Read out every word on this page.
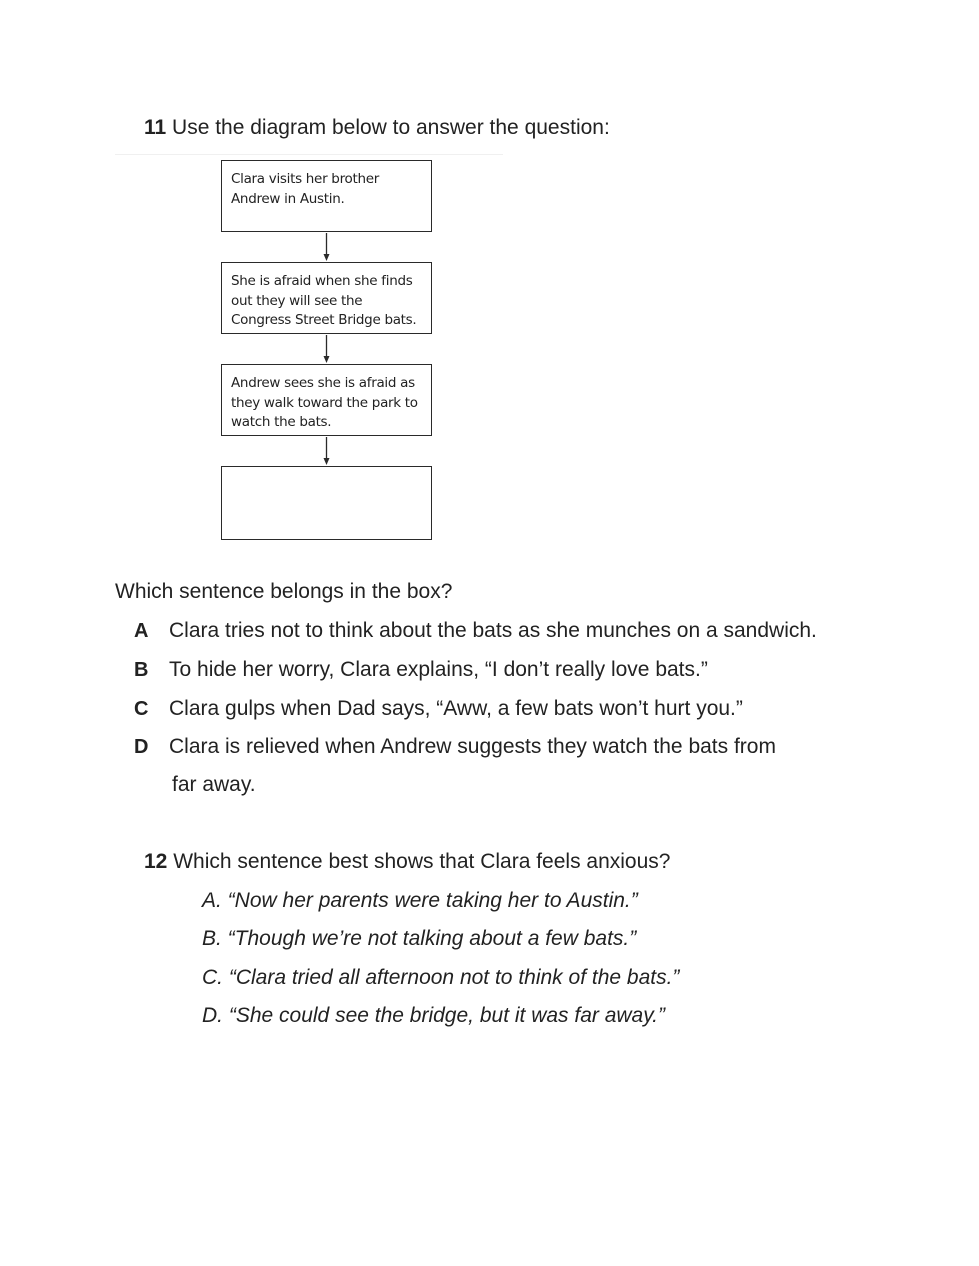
11 Use the diagram below to answer the question:
Clara visits her brother Andrew in Austin.
She is afraid when she finds out they will see the Congress Street Bridge bats.
Andrew sees she is afraid as they walk toward the park to watch the bats.
Which sentence belongs in the box?
A Clara tries not to think about the bats as she munches on a sandwich.
B To hide her worry, Clara explains, “I don’t really love bats.”
C Clara gulps when Dad says, “Aww, a few bats won’t hurt you.”
D Clara is relieved when Andrew suggests they watch the bats from
far away.
12 Which sentence best shows that Clara feels anxious?
A. “Now her parents were taking her to Austin.”
B. “Though we’re not talking about a few bats.”
C. “Clara tried all afternoon not to think of the bats.”
D. “She could see the bridge, but it was far away.”
